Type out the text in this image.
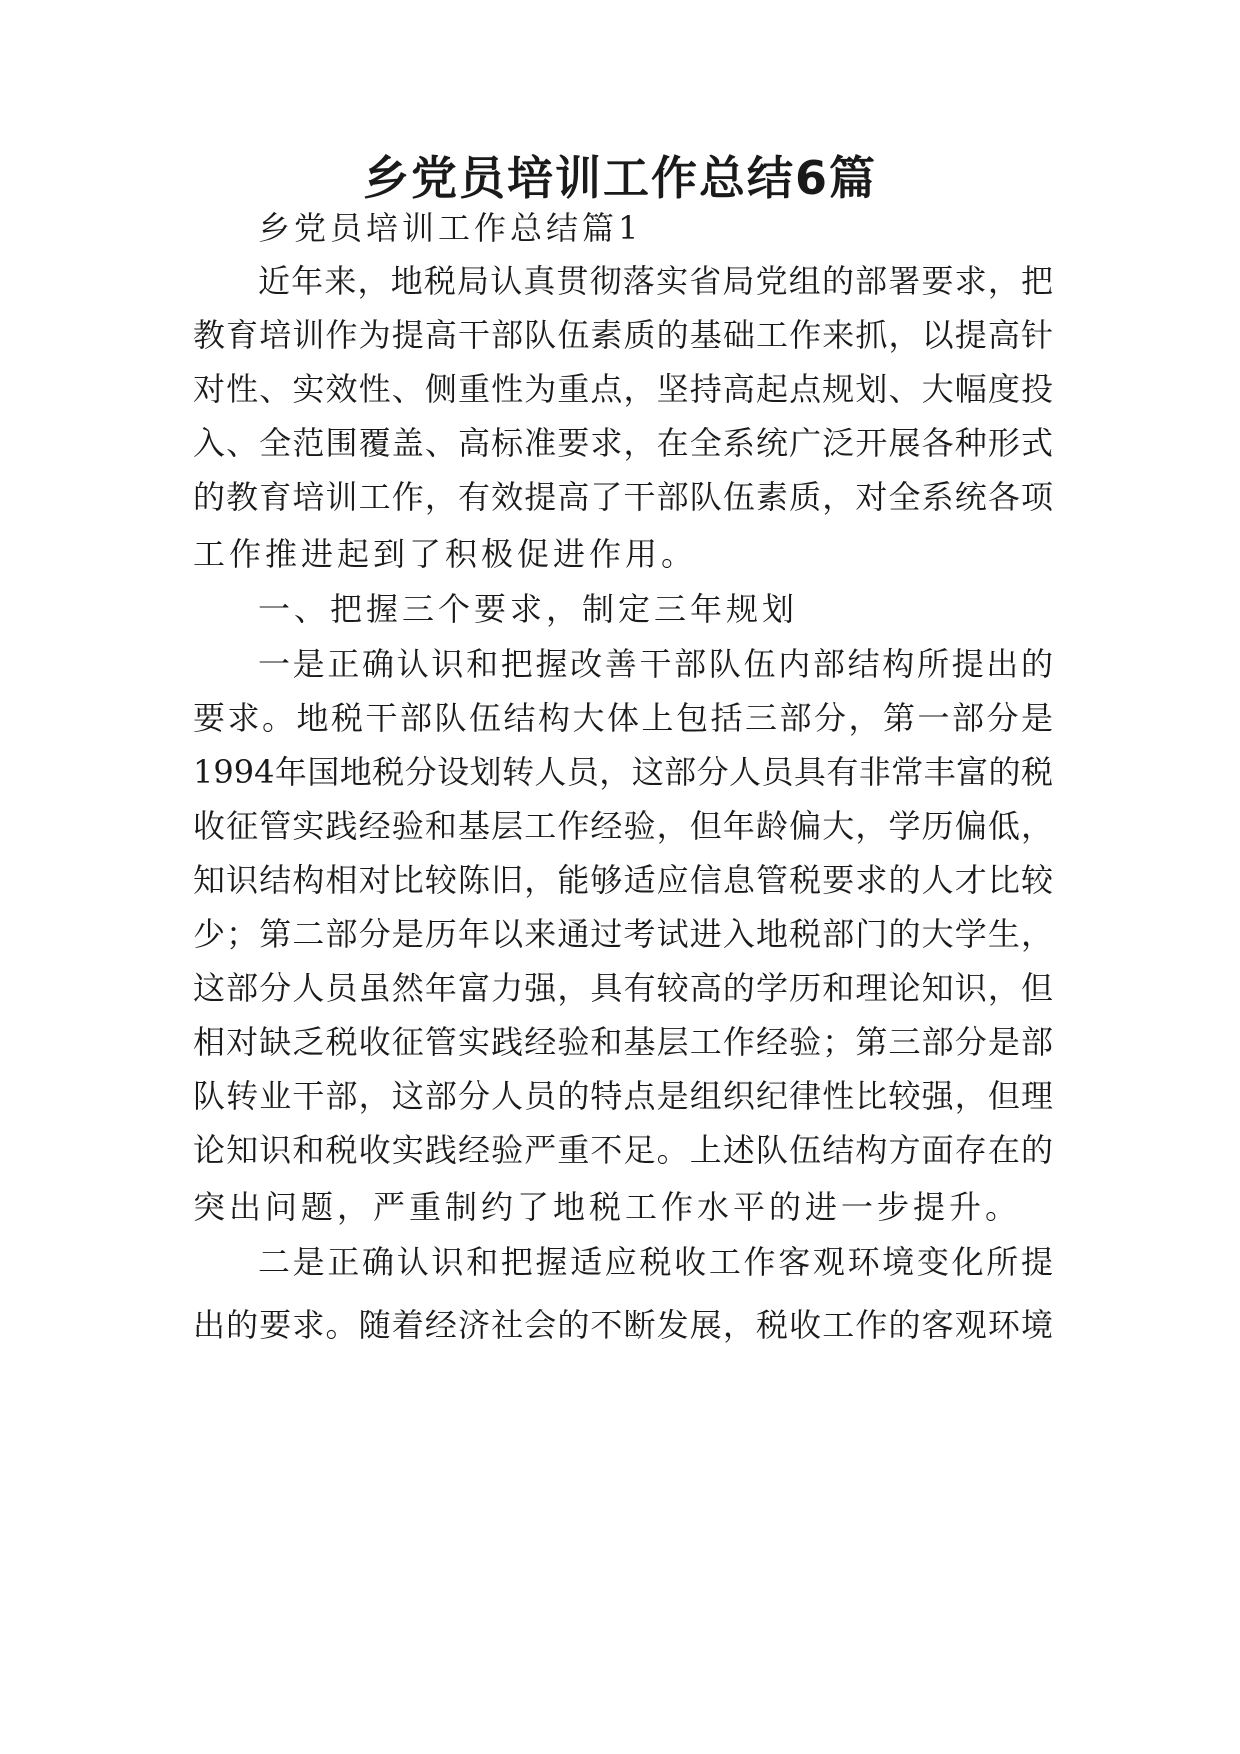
乡党员培训工作总结6篇
乡党员培训工作总结篇1
近年来，地税局认真贯彻落实省局党组的部署要求，把
教育培训作为提高干部队伍素质的基础工作来抓，以提高针
对性、实效性、侧重性为重点，坚持高起点规划、大幅度投
入、全范围覆盖、高标准要求，在全系统广泛开展各种形式
的教育培训工作，有效提高了干部队伍素质，对全系统各项
工作推进起到了积极促进作用。
一、把握三个要求，制定三年规划
一是正确认识和把握改善干部队伍内部结构所提出的
要求。地税干部队伍结构大体上包括三部分，第一部分是
1994年国地税分设划转人员，这部分人员具有非常丰富的税
收征管实践经验和基层工作经验，但年龄偏大，学历偏低，
知识结构相对比较陈旧，能够适应信息管税要求的人才比较
少；第二部分是历年以来通过考试进入地税部门的大学生，
这部分人员虽然年富力强，具有较高的学历和理论知识，但
相对缺乏税收征管实践经验和基层工作经验；第三部分是部
队转业干部，这部分人员的特点是组织纪律性比较强，但理
论知识和税收实践经验严重不足。上述队伍结构方面存在的
突出问题，严重制约了地税工作水平的进一步提升。
二是正确认识和把握适应税收工作客观环境变化所提
出的要求。随着经济社会的不断发展，税收工作的客观环境
